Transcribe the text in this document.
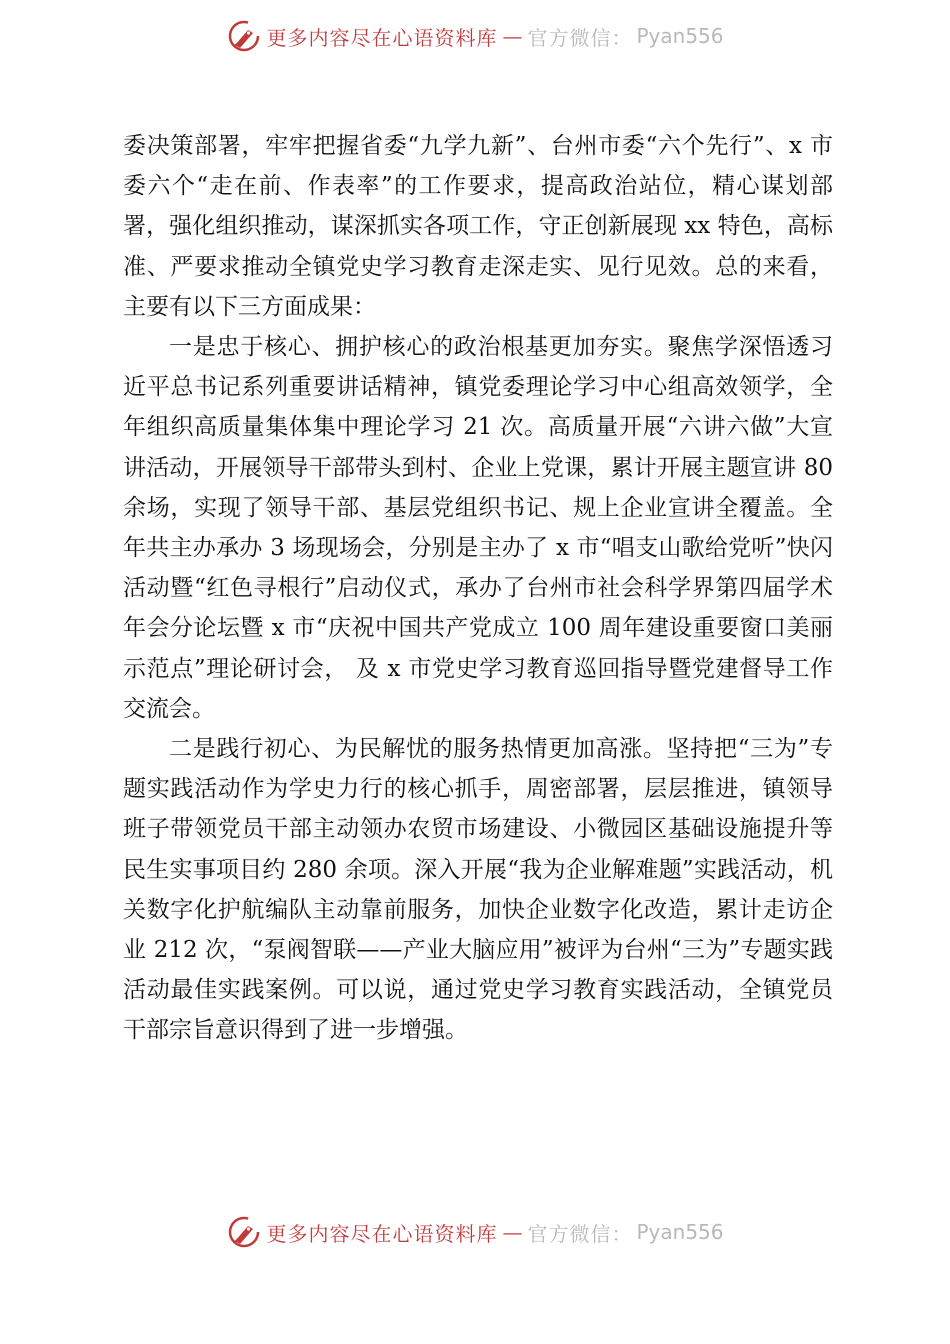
更多内容尽在心语资料库 — 官方微信： Pyan556

委决策部署，牢牢把握省委“九学九新”、台州市委“六个先行”、x 市委六个“走在前、作表率”的工作要求，提高政治站位，精心谋划部署，强化组织推动，谋深抓实各项工作，守正创新展现 xx 特色，高标准、严要求推动全镇党史学习教育走深走实、见行见效。总的来看，主要有以下三方面成果：

一是忠于核心、拥护核心的政治根基更加夯实。聚焦学深悟透习近平总书记系列重要讲话精神，镇党委理论学习中心组高效领学，全年组织高质量集体集中理论学习 21 次。高质量开展“六讲六做”大宣讲活动，开展领导干部带头到村、企业上党课，累计开展主题宣讲 80 余场，实现了领导干部、基层党组织书记、规上企业宣讲全覆盖。全年共主办承办 3 场现场会，分别是主办了 x 市“唱支山歌给党听”快闪活动暨“红色寻根行”启动仪式，承办了台州市社会科学界第四届学术年会分论坛暨 x 市“庆祝中国共产党成立 100 周年建设重要窗口美丽示范点”理论研讨会， 及 x 市党史学习教育巡回指导暨党建督导工作交流会。

二是践行初心、为民解忧的服务热情更加高涨。坚持把“三为”专题实践活动作为学史力行的核心抓手，周密部署，层层推进，镇领导班子带领党员干部主动领办农贸市场建设、小微园区基础设施提升等民生实事项目约 280 余项。深入开展“我为企业解难题”实践活动，机关数字化护航编队主动靠前服务，加快企业数字化改造，累计走访企业 212 次，“泵阀智联——产业大脑应用”被评为台州“三为”专题实践活动最佳实践案例。可以说，通过党史学习教育实践活动，全镇党员干部宗旨意识得到了进一步增强。

更多内容尽在心语资料库 — 官方微信： Pyan556
